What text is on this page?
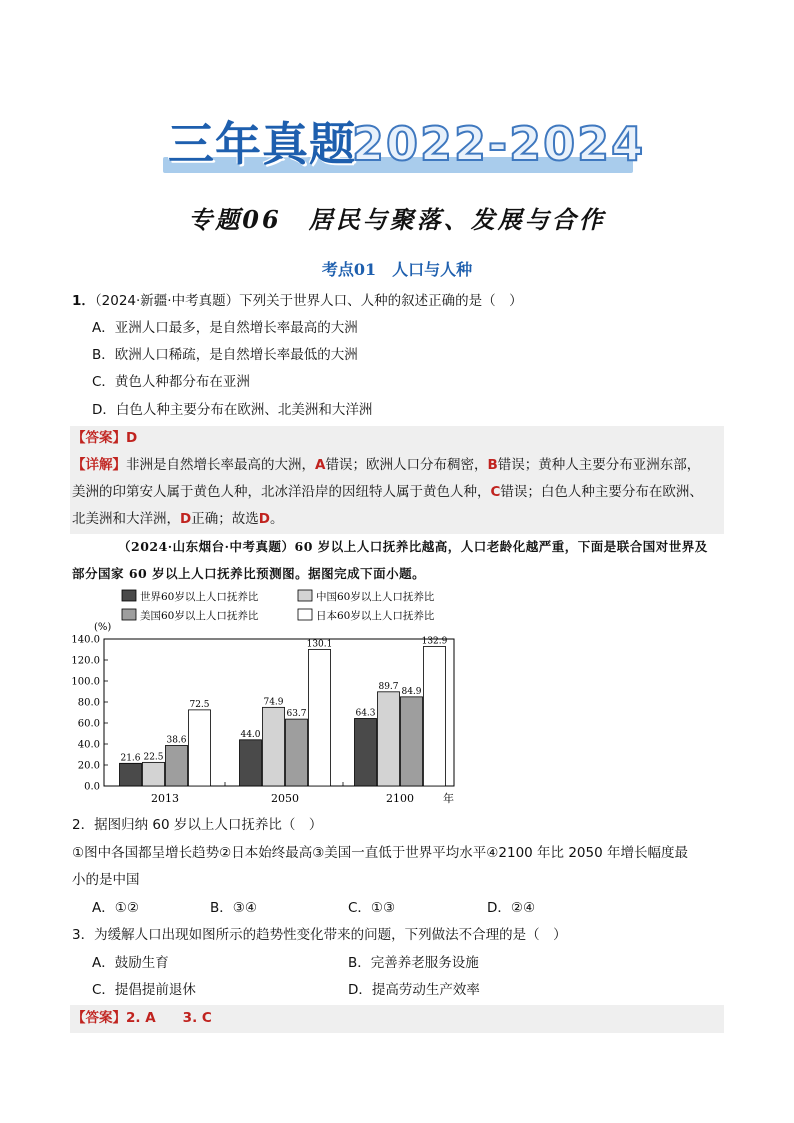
三年真题
2022-2024
专题06　居民与聚落、发展与合作
考点01　人口与人种
1．（2024·新疆·中考真题）下列关于世界人口、人种的叙述正确的是（　）
A．亚洲人口最多，是自然增长率最高的大洲
B．欧洲人口稀疏，是自然增长率最低的大洲
C．黄色人种都分布在亚洲
D．白色人种主要分布在欧洲、北美洲和大洋洲
【答案】D
【详解】非洲是自然增长率最高的大洲，A错误；欧洲人口分布稠密，B错误；黄种人主要分布亚洲东部，
美洲的印第安人属于黄色人种，北冰洋沿岸的因纽特人属于黄色人种，C错误；白色人种主要分布在欧洲、
北美洲和大洋洲，D正确；故选D。
（2024·山东烟台·中考真题）60 岁以上人口抚养比越高，人口老龄化越严重，下面是联合国对世界及
部分国家 60 岁以上人口抚养比预测图。据图完成下面小题。
世界60岁以上人口抚养比	中国60岁以上人口抚养比
美国60岁以上人口抚养比	日本60岁以上人口抚养比
(%)
0.0
20.0
40.0
60.0
80.0
100.0
120.0
140.0
21.6 22.5
38.6
72.5
44.0
74.9
63.7
130.1
64.3
89.7
84.9
132.9
2013	2050	2100	年
2．据图归纳 60 岁以上人口抚养比（　）
①图中各国都呈增长趋势②日本始终最高③美国一直低于世界平均水平④2100 年比 2050 年增长幅度最
小的是中国
A．①②	B．③④	C．①③	D．②④
3．为缓解人口出现如图所示的趋势性变化带来的问题，下列做法不合理的是（　）
A．鼓励生育	B．完善养老服务设施
C．提倡提前退休	D．提高劳动生产效率
【答案】2. A　　3. C
